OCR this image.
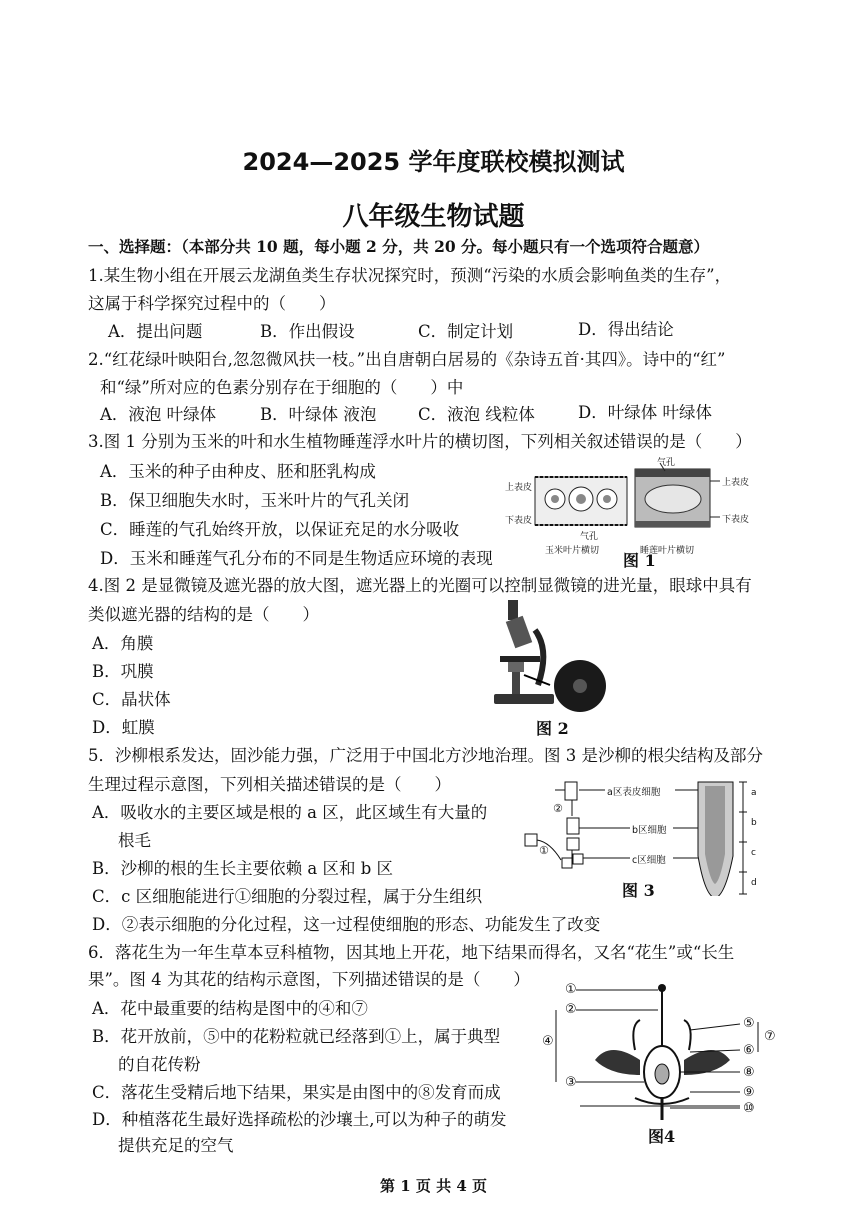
2024—2025 学年度联校模拟测试
八年级生物试题
一、选择题：（本部分共 10 题，每小题 2 分，共 20 分。每小题只有一个选项符合题意）
1.某生物小组在开展云龙湖鱼类生存状况探究时，预测“污染的水质会影响鱼类的生存”，
这属于科学探究过程中的（　　）
A．提出问题	B．作出假设	C．制定计划	D．得出结论
2.“红花绿叶映阳台,忽忽微风扶一枝。”出自唐朝白居易的《杂诗五首·其四》。诗中的“红”
和“绿”所对应的色素分别存在于细胞的（　　）中
A．液泡 叶绿体	B．叶绿体 液泡	C．液泡 线粒体	D．叶绿体 叶绿体
3.图 1 分别为玉米的叶和水生植物睡莲浮水叶片的横切图，下列相关叙述错误的是（　　）
A．玉米的种子由种皮、胚和胚乳构成
B．保卫细胞失水时，玉米叶片的气孔关闭
C．睡莲的气孔始终开放，以保证充足的水分吸收
D．玉米和睡莲气孔分布的不同是生物适应环境的表现
上表皮
下表皮
气孔
气孔
上表皮
下表皮
玉米叶片横切	睡莲叶片横切
图 1
4.图 2 是显微镜及遮光器的放大图，遮光器上的光圈可以控制显微镜的进光量，眼球中具有
类似遮光器的结构的是（　　）
A．角膜
B．巩膜
C．晶状体
D．虹膜	图 2
5．沙柳根系发达，固沙能力强，广泛用于中国北方沙地治理。图 3 是沙柳的根尖结构及部分
生理过程示意图，下列相关描述错误的是（　　）
A．吸收水的主要区域是根的 a 区，此区域生有大量的
根毛
B．沙柳的根的生长主要依赖 a 区和 b 区
C．c 区细胞能进行①细胞的分裂过程，属于分生组织
D．②表示细胞的分化过程，这一过程使细胞的形态、功能发生了改变
a区表皮细胞
b区细胞
c区细胞
a
b
c
d
①
②
图 3
6．落花生为一年生草本豆科植物，因其地上开花，地下结果而得名，又名“花生”或“长生
果”。图 4 为其花的结构示意图，下列描述错误的是（　　）
A．花中最重要的结构是图中的④和⑦
B．花开放前，⑤中的花粉粒就已经落到①上，属于典型
的自花传粉
C．落花生受精后地下结果，果实是由图中的⑧发育而成
D．种植落花生最好选择疏松的沙壤土,可以为种子的萌发
提供充足的空气
①
②
④
③
⑤
⑥
⑦
⑧
⑨
⑩
图4
第 1 页 共 4 页
